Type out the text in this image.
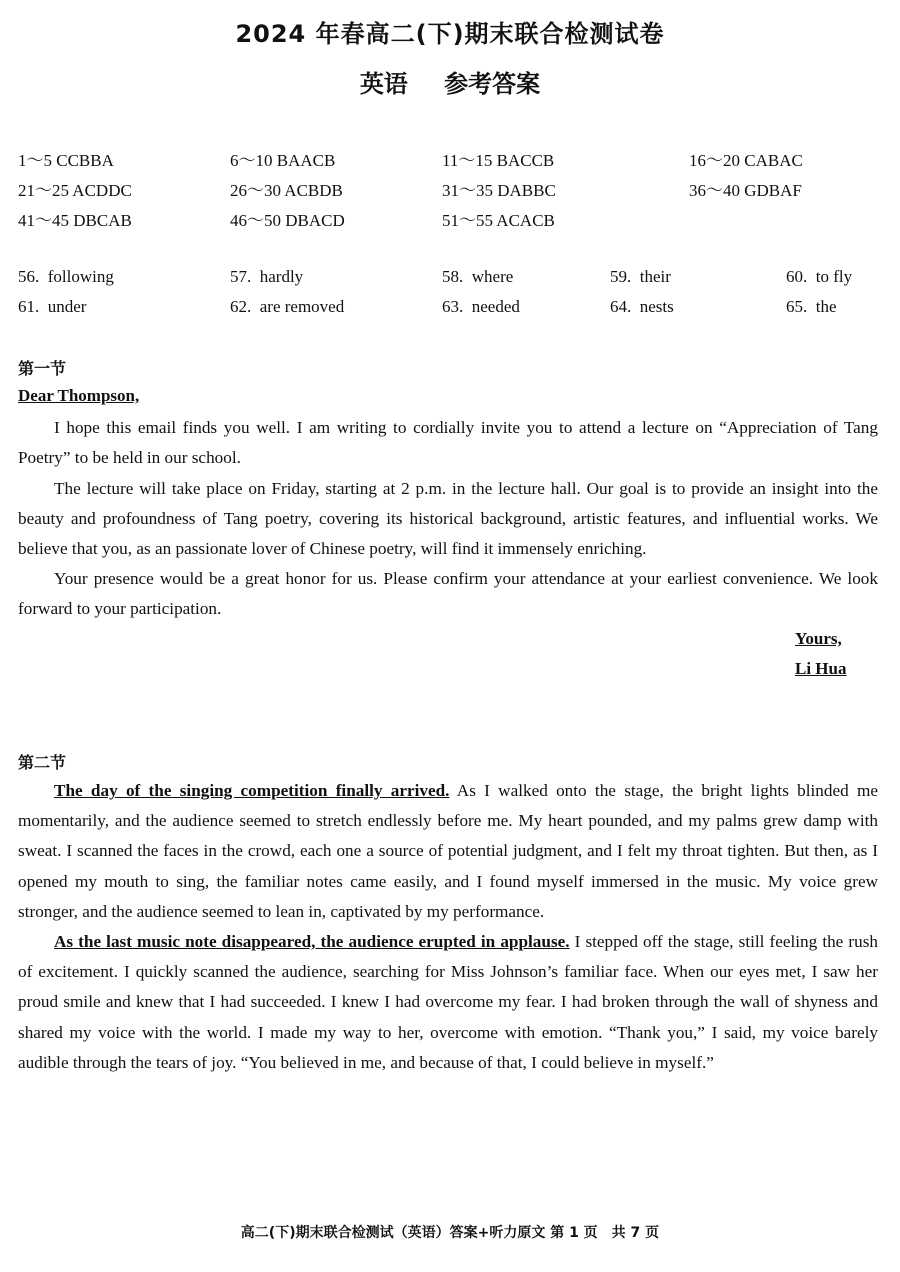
2024 年春高二(下)期末联合检测试卷
英语 参考答案
1～5 CCBBA	6～10 BAACB	11～15 BACCB	16～20 CABAC
21～25 ACDDC	26～30 ACBDB	31～35 DABBC	36～40 GDBAF
41～45 DBCAB	46～50 DBACD	51～55 ACACB
56. following	57. hardly	58. where	59. their	60. to fly
61. under	62. are removed	63. needed	64. nests	65. the
第一节
Dear Thompson,

I hope this email finds you well. I am writing to cordially invite you to attend a lecture on “Appreciation of Tang Poetry” to be held in our school.

The lecture will take place on Friday, starting at 2 p.m. in the lecture hall. Our goal is to provide an insight into the beauty and profoundness of Tang poetry, covering its historical background, artistic features, and influential works. We believe that you, as an passionate lover of Chinese poetry, will find it immensely enriching.

Your presence would be a great honor for us. Please confirm your attendance at your earliest convenience. We look forward to your participation.

Yours,
Li Hua
第二节

The day of the singing competition finally arrived. As I walked onto the stage, the bright lights blinded me momentarily, and the audience seemed to stretch endlessly before me. My heart pounded, and my palms grew damp with sweat. I scanned the faces in the crowd, each one a source of potential judgment, and I felt my throat tighten. But then, as I opened my mouth to sing, the familiar notes came easily, and I found myself immersed in the music. My voice grew stronger, and the audience seemed to lean in, captivated by my performance.

As the last music note disappeared, the audience erupted in applause. I stepped off the stage, still feeling the rush of excitement. I quickly scanned the audience, searching for Miss Johnson’s familiar face. When our eyes met, I saw her proud smile and knew that I had succeeded. I knew I had overcome my fear. I had broken through the wall of shyness and shared my voice with the world. I made my way to her, overcome with emotion. “Thank you,” I said, my voice barely audible through the tears of joy. “You believed in me, and because of that, I could believe in myself.”

高二(下)期末联合检测试（英语）答案+听力原文 第 1 页　共 7 页
